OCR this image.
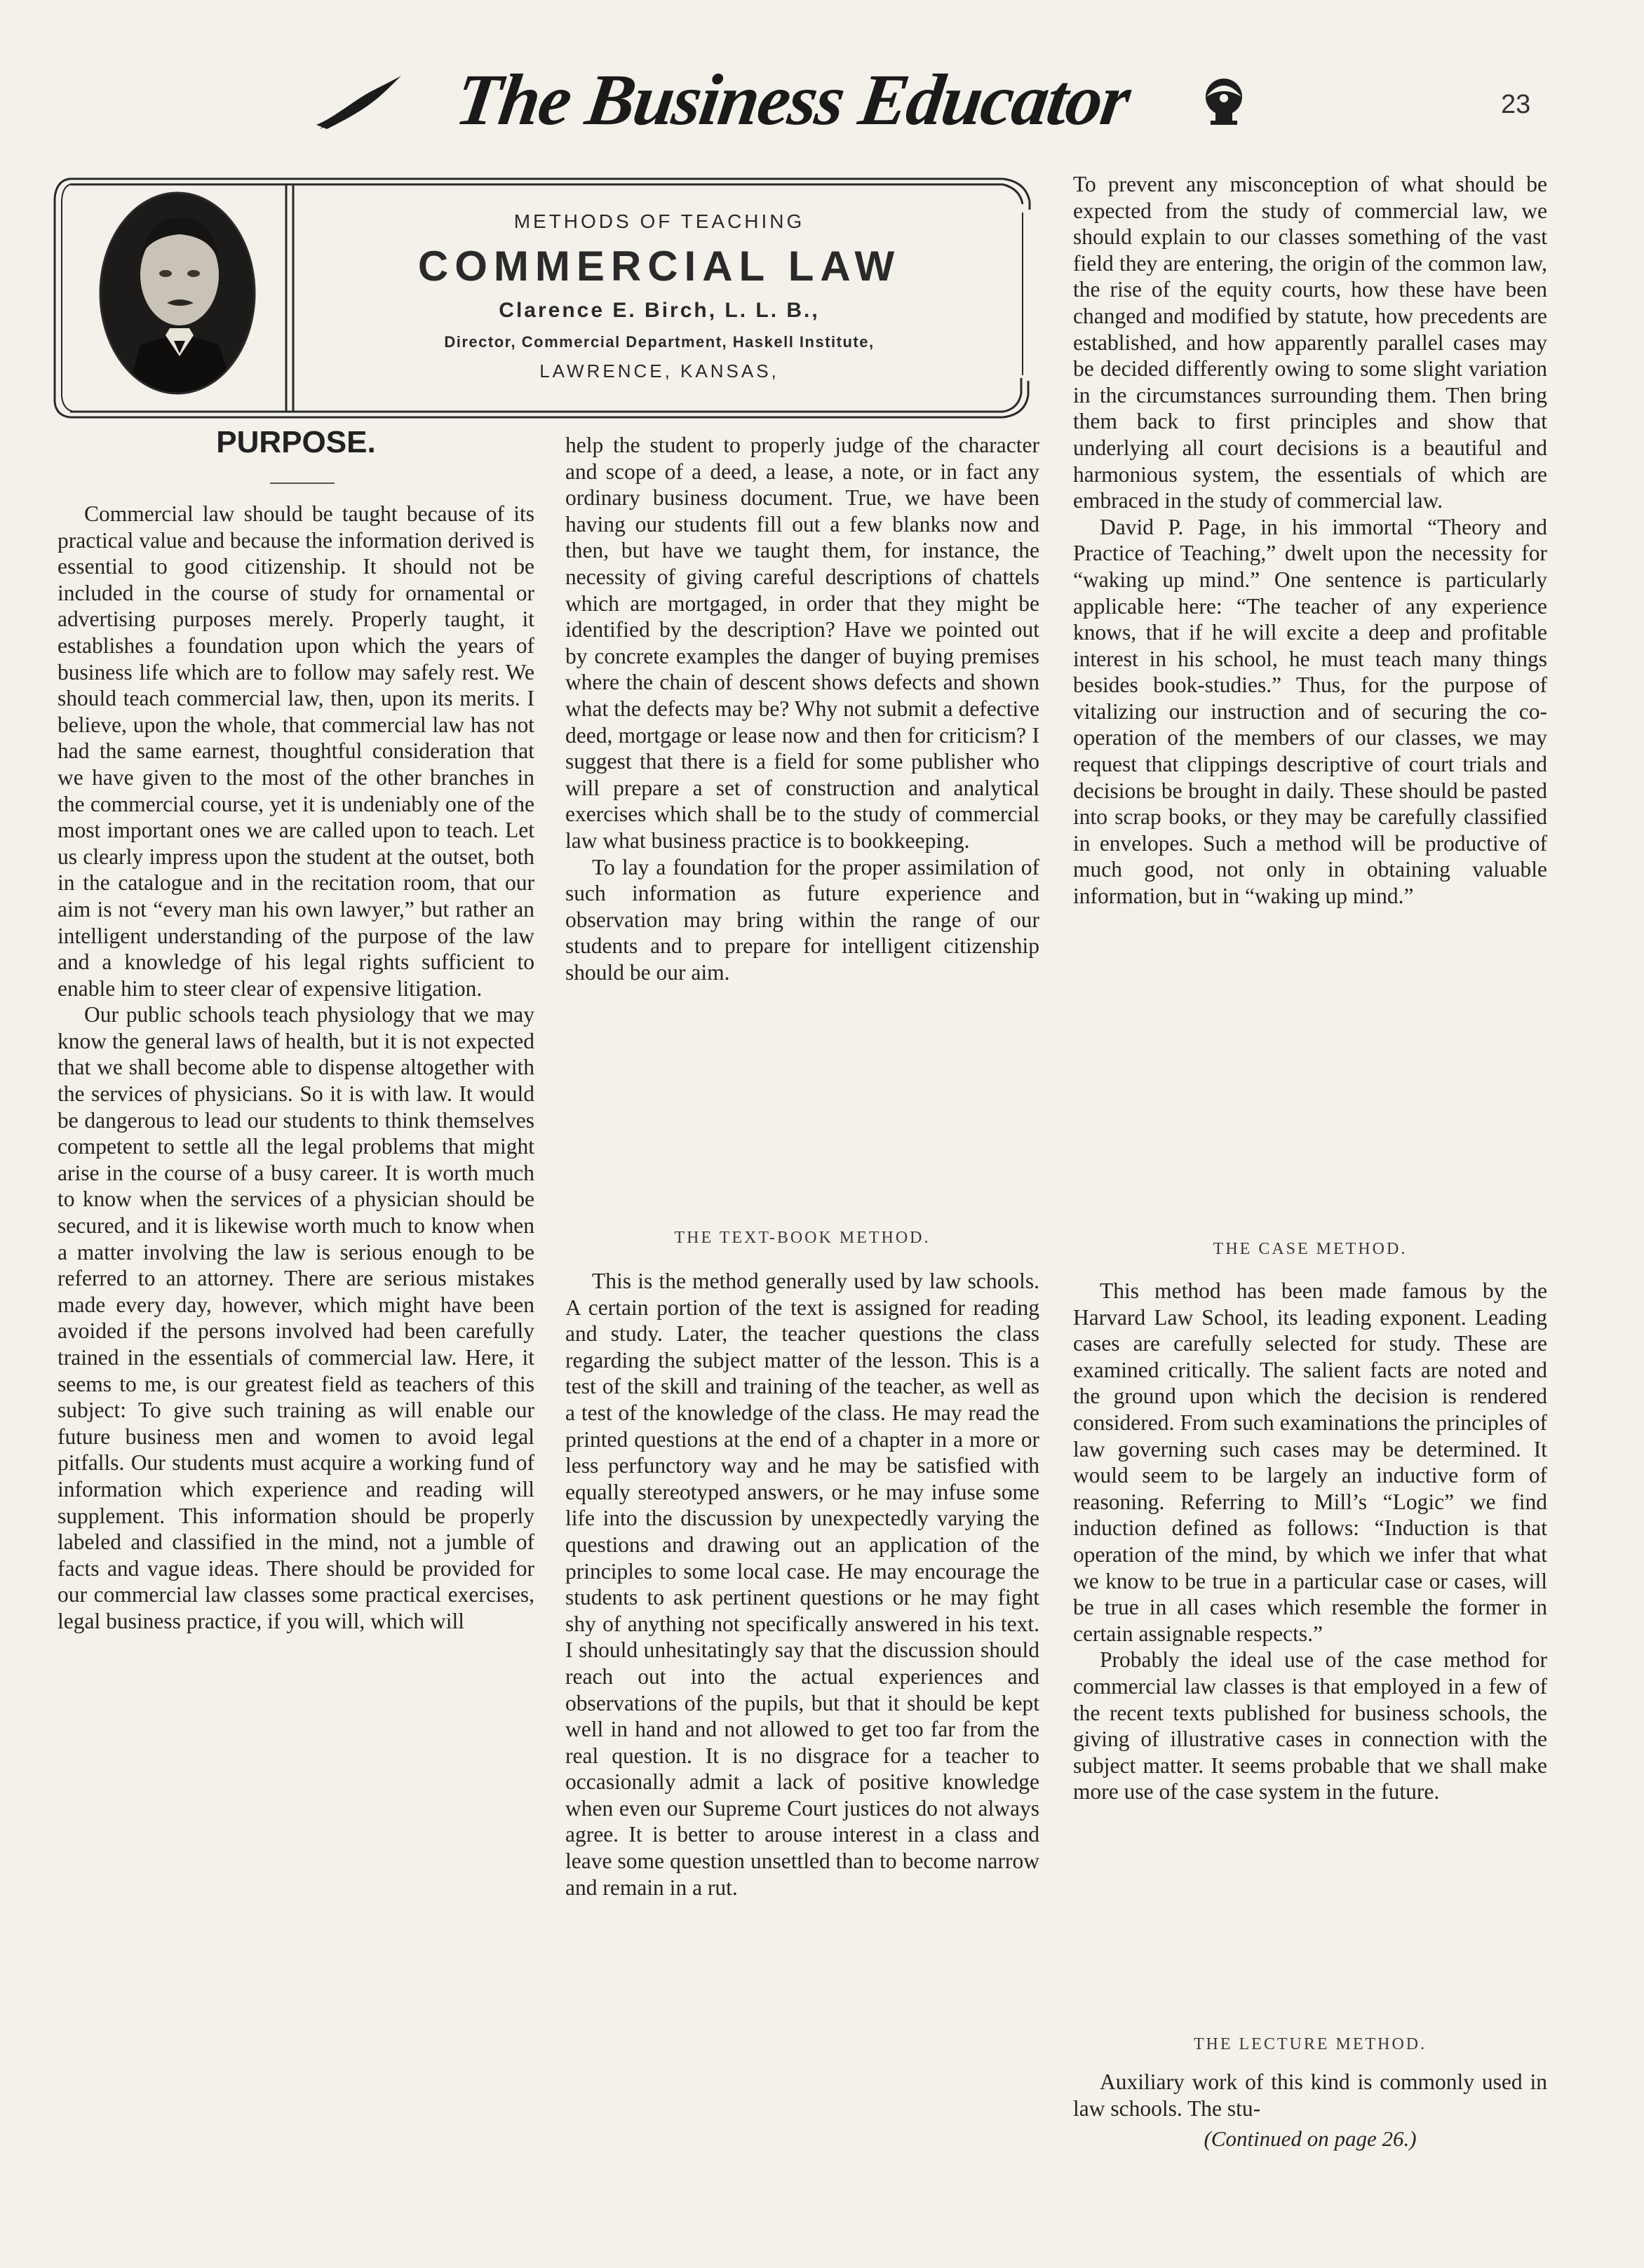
The Business Educator	23
METHODS OF TEACHING
COMMERCIAL LAW
Clarence E. Birch, L. L. B.,
Director, Commercial Department, Haskell Institute,
LAWRENCE, KANSAS,
PURPOSE.

Commercial law should be taught because of its practical value and because the information derived is essential to good citizenship. It should not be included in the course of study for ornamental or advertising purposes merely. Properly taught, it establishes a foundation upon which the years of business life which are to follow may safely rest. We should teach commercial law, then, upon its merits. I believe, upon the whole, that commercial law has not had the same earnest, thoughtful consideration that we have given to the most of the other branches in the commercial course, yet it is undeniably one of the most important ones we are called upon to teach. Let us clearly impress upon the student at the outset, both in the catalogue and in the recitation room, that our aim is not “every man his own lawyer,” but rather an intelligent understanding of the purpose of the law and a knowledge of his legal rights sufficient to enable him to steer clear of expensive litigation.

Our public schools teach physiology that we may know the general laws of health, but it is not expected that we shall become able to dispense altogether with the services of physicians. So it is with law. It would be dangerous to lead our students to think themselves competent to settle all the legal problems that might arise in the course of a busy career. It is worth much to know when the services of a physician should be secured, and it is likewise worth much to know when a matter involving the law is serious enough to be referred to an attorney. There are serious mistakes made every day, however, which might have been avoided if the persons involved had been carefully trained in the essentials of commercial law. Here, it seems to me, is our greatest field as teachers of this subject: To give such training as will enable our future business men and women to avoid legal pitfalls. Our students must acquire a working fund of information which experience and reading will supplement. This information should be properly labeled and classified in the mind, not a jumble of facts and vague ideas. There should be provided for our commercial law classes some practical exercises, legal business practice, if you will, which will

help the student to properly judge of the character and scope of a deed, a lease, a note, or in fact any ordinary business document. True, we have been having our students fill out a few blanks now and then, but have we taught them, for instance, the necessity of giving careful descriptions of chattels which are mortgaged, in order that they might be identified by the description? Have we pointed out by concrete examples the danger of buying premises where the chain of descent shows defects and shown what the defects may be? Why not submit a defective deed, mortgage or lease now and then for criticism? I suggest that there is a field for some publisher who will prepare a set of construction and analytical exercises which shall be to the study of commercial law what business practice is to bookkeeping.

To lay a foundation for the proper assimilation of such information as future experience and observation may bring within the range of our students and to prepare for intelligent citizenship should be our aim.

THE TEXT-BOOK METHOD.

This is the method generally used by law schools. A certain portion of the text is assigned for reading and study. Later, the teacher questions the class regarding the subject matter of the lesson. This is a test of the skill and training of the teacher, as well as a test of the knowledge of the class. He may read the printed questions at the end of a chapter in a more or less perfunctory way and he may be satisfied with equally stereotyped answers, or he may infuse some life into the discussion by unexpectedly varying the questions and drawing out an application of the principles to some local case. He may encourage the students to ask pertinent questions or he may fight shy of anything not specifically answered in his text. I should unhesitatingly say that the discussion should reach out into the actual experiences and observations of the pupils, but that it should be kept well in hand and not allowed to get too far from the real question. It is no disgrace for a teacher to occasionally admit a lack of positive knowledge when even our Supreme Court justices do not always agree. It is better to arouse interest in a class and leave some question unsettled than to become narrow and remain in a rut.

To prevent any misconception of what should be expected from the study of commercial law, we should explain to our classes something of the vast field they are entering, the origin of the common law, the rise of the equity courts, how these have been changed and modified by statute, how precedents are established, and how apparently parallel cases may be decided differently owing to some slight variation in the circumstances surrounding them. Then bring them back to first principles and show that underlying all court decisions is a beautiful and harmonious system, the essentials of which are embraced in the study of commercial law.

David P. Page, in his immortal “Theory and Practice of Teaching,” dwelt upon the necessity for “waking up mind.” One sentence is particularly applicable here: “The teacher of any experience knows, that if he will excite a deep and profitable interest in his school, he must teach many things besides book-studies.” Thus, for the purpose of vitalizing our instruction and of securing the co-operation of the members of our classes, we may request that clippings descriptive of court trials and decisions be brought in daily. These should be pasted into scrap books, or they may be carefully classified in envelopes. Such a method will be productive of much good, not only in obtaining valuable information, but in “waking up mind.”

THE CASE METHOD.

This method has been made famous by the Harvard Law School, its leading exponent. Leading cases are carefully selected for study. These are examined critically. The salient facts are noted and the ground upon which the decision is rendered considered. From such examinations the principles of law governing such cases may be determined. It would seem to be largely an inductive form of reasoning. Referring to Mill’s “Logic” we find induction defined as follows: “Induction is that operation of the mind, by which we infer that what we know to be true in a particular case or cases, will be true in all cases which resemble the former in certain assignable respects.”

Probably the ideal use of the case method for commercial law classes is that employed in a few of the recent texts published for business schools, the giving of illustrative cases in connection with the subject matter. It seems probable that we shall make more use of the case system in the future.

THE LECTURE METHOD.

Auxiliary work of this kind is commonly used in law schools. The stu-

(Continued on page 26.)
